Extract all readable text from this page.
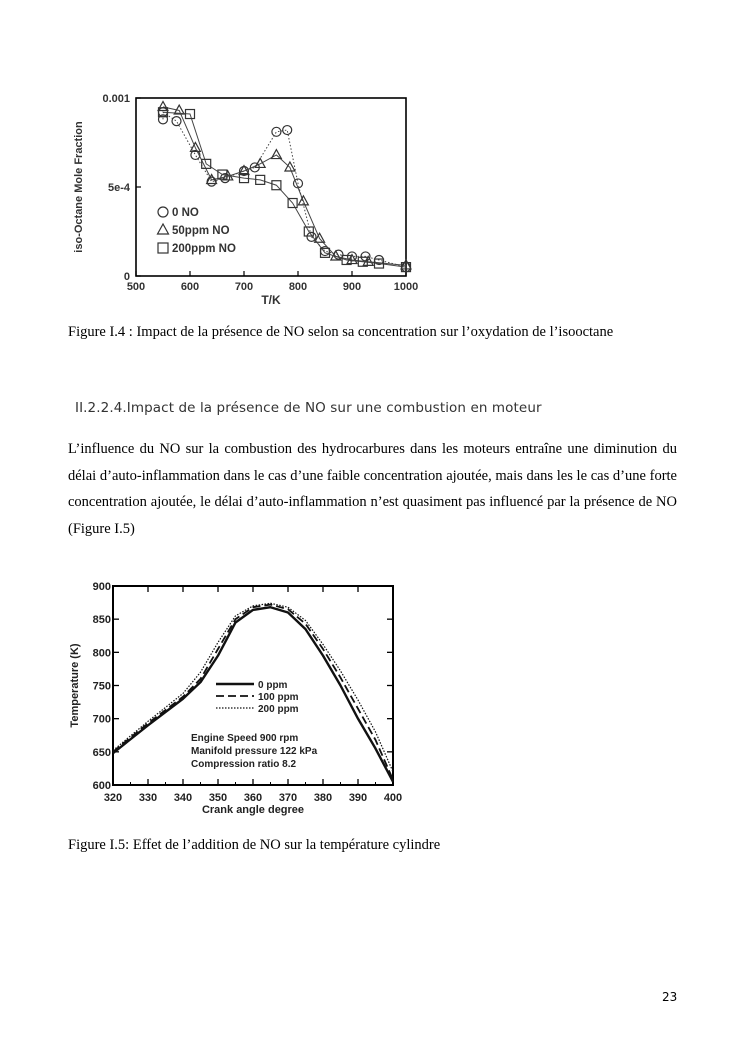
500	600	700	800	900	1000
0
5e-4
0.001
T/K
iso-Octane Mole Fraction	0 NO
50ppm NO
200ppm NO
Figure I.4 : Impact de la présence de NO selon sa concentration sur l’oxydation de l’isooctane
II.2.2.4.Impact de la présence de NO sur une combustion en moteur
L’influence du NO sur la combustion des hydrocarbures dans les moteurs entraîne une diminution du délai d’auto-inflammation dans le cas d’une faible concentration ajoutée, mais dans les le cas d’une forte concentration ajoutée, le délai d’auto-inflammation n’est quasiment pas influencé par la présence de NO (Figure I.5)
320 330 340 350 360 370 380 390 400
600
650
700
750
800
850
900
Crank angle degree
Temperature (K)	0 ppm
100 ppm
200 ppm
Engine Speed 900 rpm
Manifold pressure 122 kPa
Compression ratio 8.2
Figure I.5: Effet de l’addition de NO sur la température cylindre
23
